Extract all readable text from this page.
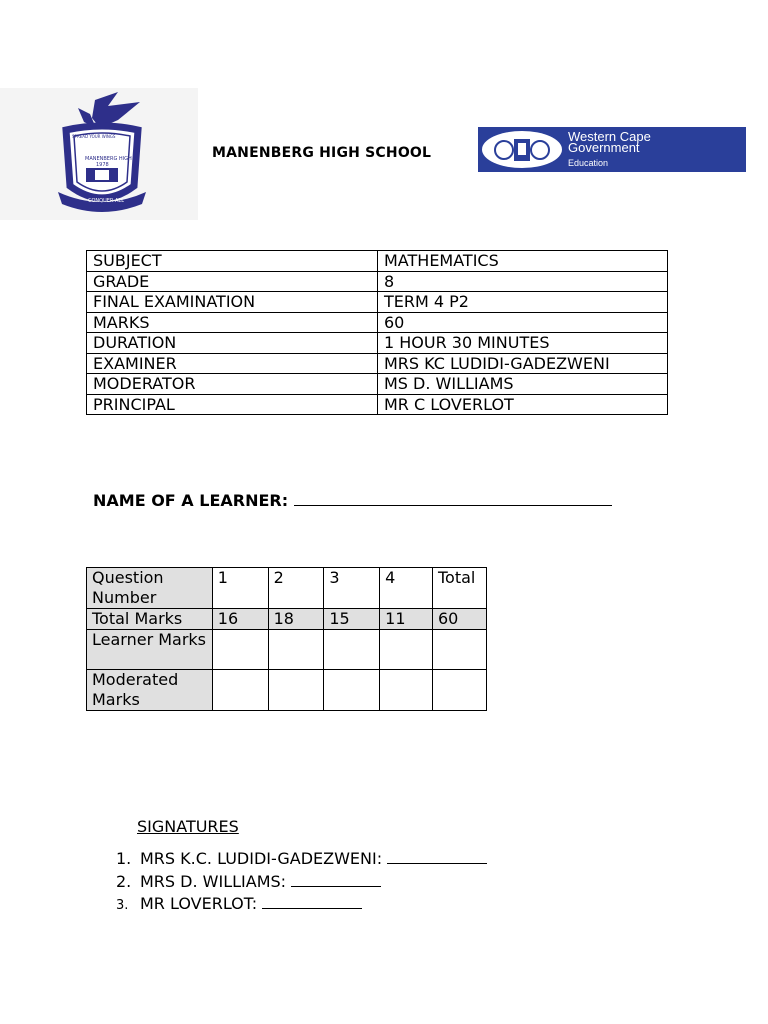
SPREAD YOUR WINGS
MANENBERG HIGH
1978
CONQUER ALL
MANENBERG HIGH SCHOOL
Western Cape
Government
Education
SUBJECT	MATHEMATICS
GRADE	8
FINAL EXAMINATION	TERM 4 P2
MARKS	60
DURATION	1 HOUR 30 MINUTES
EXAMINER	MRS KC LUDIDI-GADEZWENI
MODERATOR	MS D. WILLIAMS
PRINCIPAL	MR C LOVERLOT
NAME OF A LEARNER:
Question Number	1	2	3	4	Total
Total Marks	16	18	15	11	60
Learner Marks					
Moderated Marks					
SIGNATURES
1. MRS K.C. LUDIDI-GADEZWENI:
2. MRS D. WILLIAMS:
3. MR LOVERLOT:
